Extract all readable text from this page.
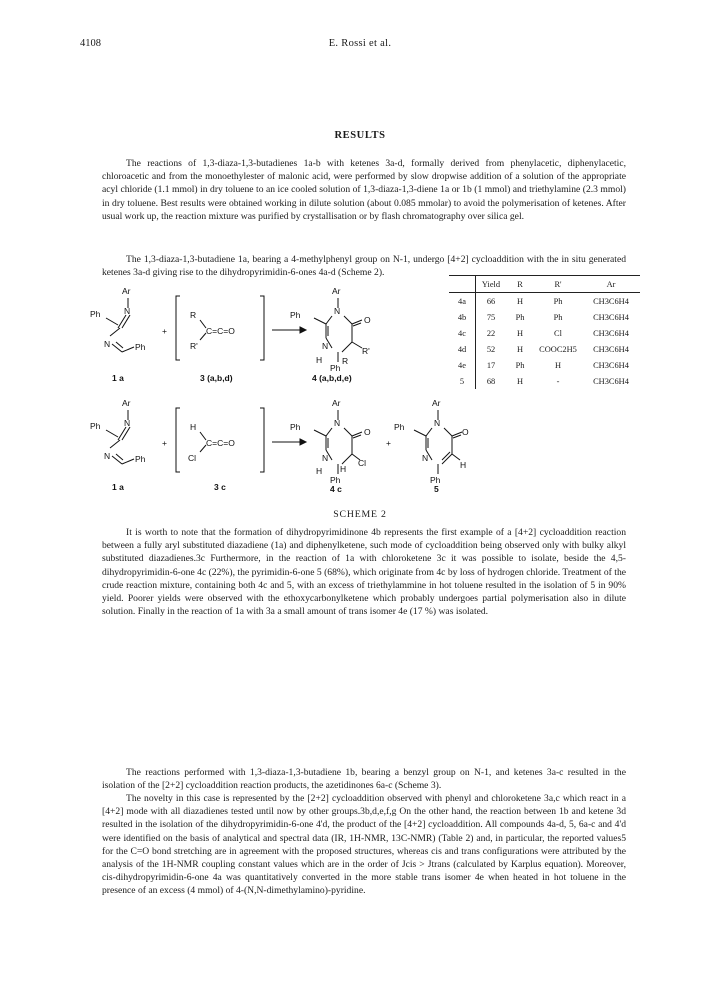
4108	E. Rossi et al.
RESULTS
The reactions of 1,3-diaza-1,3-butadienes 1a-b with ketenes 3a-d, formally derived from phenylacetic, diphenylacetic, chloroacetic and from the monoethylester of malonic acid, were performed by slow dropwise addition of a solution of the appropriate acyl chloride (1.1 mmol) in dry toluene to an ice cooled solution of 1,3-diaza-1,3-diene 1a or 1b (1 mmol) and triethylamine (2.3 mmol) in dry toluene. Best results were obtained working in dilute solution (about 0.085 mmolar) to avoid the polymerisation of ketenes. After usual work up, the reaction mixture was purified by crystallisation or by flash chromatography over silica gel.
The 1,3-diaza-1,3-butadiene 1a, bearing a 4-methylphenyl group on N-1, undergo [4+2] cycloaddition with the in situ generated ketenes 3a-d giving rise to the dihydropyrimidin-6-ones 4a-d (Scheme 2).
	Yield	R	R'	Ar
4a	66	H	Ph	CH3C6H4
4b	75	Ph	Ph	CH3C6H4
4c	22	H	Cl	CH3C6H4
4d	52	H	COOC2H5	CH3C6H4
4e	17	Ph	H	CH3C6H4
5	68	H	-	CH3C6H4
Ar
N
Ph
N	Ph
1 a
+
R
R'
C=C=O
3 (a,b,d)
Ar
N
Ph	O
N
H
R'
R
Ph
4 (a,b,d,e)
Ar
N
Ph
N	Ph
1 a
+
H
Cl
C=C=O
3 c
Ar
N
Ph	O
N
H H
Cl
Ph
4 c
+
Ar
N
Ph	O
N
H
Ph
5
SCHEME 2
It is worth to note that the formation of dihydropyrimidinone 4b represents the first example of a [4+2] cycloaddition reaction between a fully aryl substituted diazadiene (1a) and diphenylketene, such mode of cycloaddition being observed only with bulky alkyl substituted diazadienes.3c Furthermore, in the reaction of 1a with chloroketene 3c it was possible to isolate, beside the 4,5-dihydropyrimidin-6-one 4c (22%), the pyrimidin-6-one 5 (68%), which originate from 4c by loss of hydrogen chloride. Treatment of the crude reaction mixture, containing both 4c and 5, with an excess of triethylammine in hot toluene resulted in the isolation of 5 in 90% yield. Poorer yields were observed with the ethoxycarbonylketene which probably undergoes partial polymerisation also in dilute solution. Finally in the reaction of 1a with 3a a small amount of trans isomer 4e (17 %) was isolated.
The reactions performed with 1,3-diaza-1,3-butadiene 1b, bearing a benzyl group on N-1, and ketenes 3a-c resulted in the isolation of the [2+2] cycloaddition reaction products, the azetidinones 6a-c (Scheme 3).
The novelty in this case is represented by the [2+2] cycloaddition observed with phenyl and chloroketene 3a,c which react in a [4+2] mode with all diazadienes tested until now by other groups.3b,d,e,f,g On the other hand, the reaction between 1b and ketene 3d resulted in the isolation of the dihydropyrimidin-6-one 4'd, the product of the [4+2] cycloaddition. All compounds 4a-d, 5, 6a-c and 4'd were identified on the basis of analytical and spectral data (IR, 1H-NMR, 13C-NMR) (Table 2) and, in particular, the reported values5 for the C=O bond stretching are in agreement with the proposed structures, whereas cis and trans configurations were attributed by the analysis of the 1H-NMR coupling constant values which are in the order of Jcis > Jtrans (calculated by Karplus equation). Moreover, cis-dihydropyrimidin-6-one 4a was quantitatively converted in the more stable trans isomer 4e when heated in hot toluene in the presence of an excess (4 mmol) of 4-(N,N-dimethylamino)-pyridine.
